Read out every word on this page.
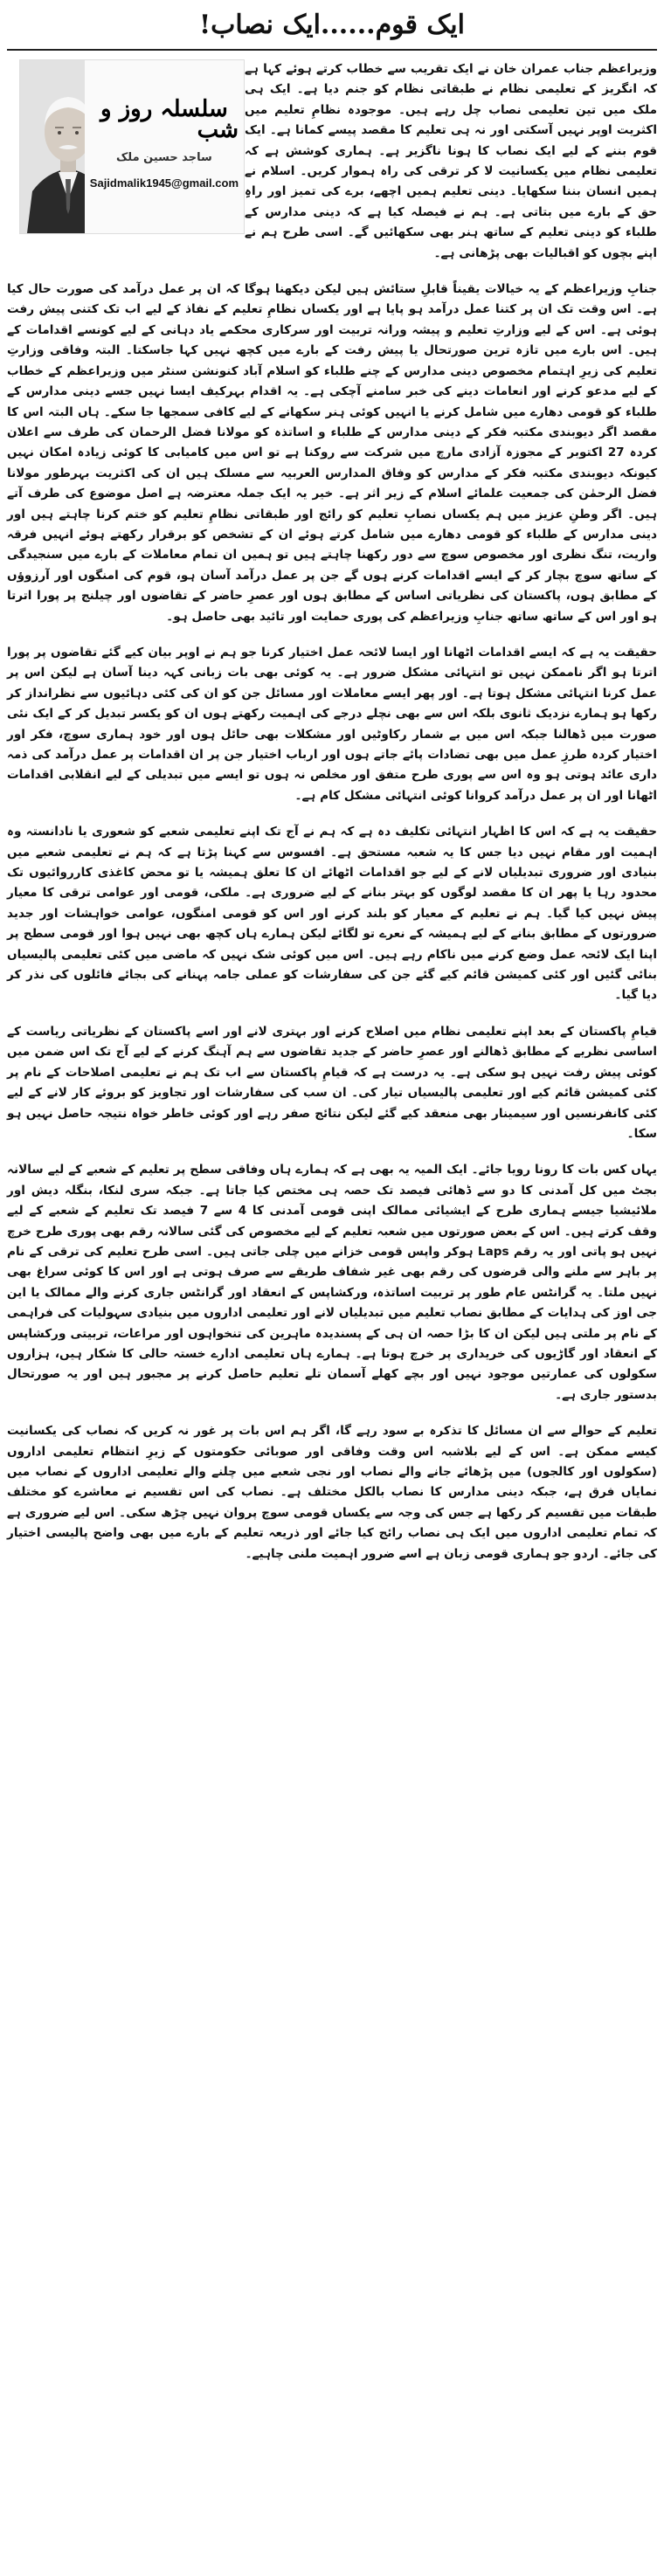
ایک قوم......ایک نصاب!
سلسلہ روز و شب
ساجد حسین ملک
Sajidmalik1945@gmail.com

وزیراعظم جناب عمران خان نے ایک تقریب سے خطاب کرتے ہوئے کہا ہے کہ انگریز کے تعلیمی نظام نے طبقاتی نظام کو جنم دیا ہے۔ ایک ہی ملک میں تین تعلیمی نصاب چل رہے ہیں۔ موجودہ نظامِ تعلیم میں اکثریت اوپر نہیں آسکتی اور نہ ہی تعلیم کا مقصد پیسے کمانا ہے۔ ایک قوم بننے کے لیے ایک نصاب کا ہونا ناگزیر ہے۔ ہماری کوشش ہے کہ تعلیمی نظام میں یکسانیت لا کر ترقی کی راہ ہموار کریں۔ اسلام نے ہمیں انسان بننا سکھایا۔ دینی تعلیم ہمیں اچھے، برے کی تمیز اور راہِ حق کے بارے میں بتاتی ہے۔ ہم نے فیصلہ کیا ہے کہ دینی مدارس کے طلباء کو دینی تعلیم کے ساتھ ہنر بھی سکھائیں گے۔ اسی طرح ہم نے اپنے بچوں کو اقبالیات بھی پڑھانی ہے۔

جنابِ وزیراعظم کے یہ خیالات یقیناً قابلِ ستائش ہیں لیکن دیکھنا ہوگا کہ ان پر عمل درآمد کی صورت حال کیا ہے۔ اس وقت تک ان پر کتنا عمل درآمد ہو پایا ہے اور یکساں نظامِ تعلیم کے نفاذ کے لیے اب تک کتنی پیش رفت ہوئی ہے۔ اس کے لیے وزارتِ تعلیم و پیشہ ورانہ تربیت اور سرکاری محکمے یاد دہانی کے لیے کونسے اقدامات کے ہیں۔ اس بارے میں تازہ ترین صورتحال یا پیش رفت کے بارے میں کچھ نہیں کہا جاسکتا۔ البتہ وفاقی وزارتِ تعلیم کی زیرِ اہتمام مخصوص دینی مدارس کے چنے طلباء کو اسلام آباد کنونشن سنٹر میں وزیراعظم کے خطاب کے لیے مدعو کرنے اور انعامات دینے کی خبر سامنے آچکی ہے۔ یہ اقدام بہرکیف ایسا نہیں جسے دینی مدارس کے طلباء کو قومی دھارے میں شامل کرنے یا انہیں کوئی ہنر سکھانے کے لیے کافی سمجھا جا سکے۔ ہاں البتہ اس کا مقصد اگر دیوبندی مکتبہ فکر کے دینی مدارس کے طلباء و اساتذہ کو مولانا فضل الرحمان کی طرف سے اعلان کردہ 27 اکتوبر کے مجوزہ آزادی مارچ میں شرکت سے روکنا ہے تو اس میں کامیابی کا کوئی زیادہ امکان نہیں کیونکہ دیوبندی مکتبہ فکر کے مدارس کو وفاق المدارس العربیہ سے مسلک ہیں ان کی اکثریت بہرطور مولانا فضل الرحمٰن کی جمعیت علمائے اسلام کے زیر اثر ہے۔ خیر یہ ایک جملہ معترضہ ہے اصل موضوع کی طرف آتے ہیں۔ اگر وطنِ عزیز میں ہم یکساں نصابِ تعلیم کو رائج اور طبقاتی نظامِ تعلیم کو ختم کرنا چاہتے ہیں اور دینی مدارس کے طلباء کو قومی دھارے میں شامل کرتے ہوئے ان کے تشخص کو برقرار رکھتے ہوئے انہیں فرقہ واریت، تنگ نظری اور مخصوص سوچ سے دور رکھنا چاہتے ہیں تو ہمیں ان تمام معاملات کے بارے میں سنجیدگی کے ساتھ سوچ بچار کر کے ایسے اقدامات کرنے ہوں گے جن پر عمل درآمد آسان ہو، قوم کی امنگوں اور آرزوؤں کے مطابق ہوں، پاکستان کی نظریاتی اساس کے مطابق ہوں اور عصرِ حاضر کے تقاضوں اور چیلنج پر پورا اترتا ہو اور اس کے ساتھ ساتھ جنابِ وزیراعظم کی پوری حمایت اور تائید بھی حاصل ہو۔

حقیقت یہ ہے کہ ایسے اقدامات اٹھانا اور ایسا لائحہ عمل اختیار کرنا جو ہم نے اوپر بیان کیے گئے تقاضوں پر پورا اترتا ہو اگر ناممکن نہیں تو انتہائی مشکل ضرور ہے۔ یہ کوئی بھی بات زبانی کہہ دینا آسان ہے لیکن اس پر عمل کرنا انتہائی مشکل ہوتا ہے۔ اور پھر ایسے معاملات اور مسائل جن کو ان کی کئی دہائیوں سے نظرانداز کر رکھا ہو ہمارے نزدیک ثانوی بلکہ اس سے بھی نچلے درجے کی اہمیت رکھتے ہوں ان کو یکسر تبدیل کر کے ایک نئی صورت میں ڈھالنا جبکہ اس میں بے شمار رکاوٹیں اور مشکلات بھی حائل ہوں اور خود ہماری سوچ، فکر اور اختیار کردہ طرزِ عمل میں بھی تضادات پائے جاتے ہوں اور ارباب اختیار جن پر ان اقدامات پر عمل درآمد کی ذمہ داری عائد ہوتی ہو وہ اس سے پوری طرح متفق اور مخلص نہ ہوں تو ایسے میں تبدیلی کے لیے انقلابی اقدامات اٹھانا اور ان پر عمل درآمد کروانا کوئی انتہائی مشکل کام ہے۔

حقیقت یہ ہے کہ اس کا اظہار انتہائی تکلیف دہ ہے کہ ہم نے آج تک اپنے تعلیمی شعبے کو شعوری یا نادانستہ وہ اہمیت اور مقام نہیں دیا جس کا یہ شعبہ مستحق ہے۔ افسوس سے کہنا پڑتا ہے کہ ہم نے تعلیمی شعبے میں بنیادی اور ضروری تبدیلیاں لانے کے لیے جو اقدامات اٹھائے ان کا تعلق ہمیشہ یا تو محض کاغذی کارروائیوں تک محدود رہا یا پھر ان کا مقصد لوگوں کو بہتر بنانے کے لیے ضروری ہے۔ ملکی، قومی اور عوامی ترقی کا معیار پیش نہیں کیا گیا۔ ہم نے تعلیم کے معیار کو بلند کرنے اور اس کو قومی امنگوں، عوامی خواہشات اور جدید ضرورتوں کے مطابق بنانے کے لیے ہمیشہ کے نعرے تو لگائے لیکن ہمارے ہاں کچھ بھی نہیں ہوا اور قومی سطح پر اپنا ایک لائحہ عمل وضع کرنے میں ناکام رہے ہیں۔ اس میں کوئی شک نہیں کہ ماضی میں کئی تعلیمی پالیسیاں بنائی گئیں اور کئی کمیشن قائم کیے گئے جن کی سفارشات کو عملی جامہ پہنانے کی بجائے فائلوں کی نذر کر دیا گیا۔

قیامِ پاکستان کے بعد اپنے تعلیمی نظام میں اصلاح کرنے اور بہتری لانے اور اسے پاکستان کے نظریاتی ریاست کے اساسی نظریے کے مطابق ڈھالنے اور عصرِ حاضر کے جدید تقاضوں سے ہم آہنگ کرنے کے لیے آج تک اس ضمن میں کوئی پیش رفت نہیں ہو سکی ہے۔ یہ درست ہے کہ قیامِ پاکستان سے اب تک ہم نے تعلیمی اصلاحات کے نام پر کئی کمیشن قائم کیے اور تعلیمی پالیسیاں تیار کی۔ ان سب کی سفارشات اور تجاویز کو بروئے کار لانے کے لیے کئی کانفرنسیں اور سیمینار بھی منعقد کیے گئے لیکن نتائج صفر رہے اور کوئی خاطر خواہ نتیجہ حاصل نہیں ہو سکا۔

یہاں کس بات کا رونا رویا جائے۔ ایک المیہ یہ بھی ہے کہ ہمارے ہاں وفاقی سطح پر تعلیم کے شعبے کے لیے سالانہ بجٹ میں کل آمدنی کا دو سے ڈھائی فیصد تک حصہ ہی مختص کیا جاتا ہے۔ جبکہ سری لنکا، بنگلہ دیش اور ملائیشیا جیسے ہماری طرح کے ایشیائی ممالک اپنی قومی آمدنی کا 4 سے 7 فیصد تک تعلیم کے شعبے کے لیے وقف کرتے ہیں۔ اس کے بعض صورتوں میں شعبہ تعلیم کے لیے مخصوص کی گئی سالانہ رقم بھی پوری طرح خرچ نہیں ہو پاتی اور یہ رقم Laps ہوکر واپس قومی خزانے میں چلی جاتی ہیں۔ اسی طرح تعلیم کی ترقی کے نام پر باہر سے ملنے والی قرضوں کی رقم بھی غیر شفاف طریقے سے صرف ہوتی ہے اور اس کا کوئی سراغ بھی نہیں ملتا۔ یہ گرانٹس عام طور پر تربیت اساتذہ، ورکشاپس کے انعقاد اور گرانٹس جاری کرنے والے ممالک یا این جی اوز کی ہدایات کے مطابق نصاب تعلیم میں تبدیلیاں لانے اور تعلیمی اداروں میں بنیادی سہولیات کی فراہمی کے نام پر ملتی ہیں لیکن ان کا بڑا حصہ ان ہی کے پسندیدہ ماہرین کی تنخواہوں اور مراعات، تربیتی ورکشاپس کے انعقاد اور گاڑیوں کی خریداری پر خرچ ہوتا ہے۔ ہمارے ہاں تعلیمی ادارے خستہ حالی کا شکار ہیں، ہزاروں سکولوں کی عمارتیں موجود نہیں اور بچے کھلے آسمان تلے تعلیم حاصل کرنے پر مجبور ہیں اور یہ صورتحال بدستور جاری ہے۔

تعلیم کے حوالے سے ان مسائل کا تذکرہ بے سود رہے گا، اگر ہم اس بات پر غور نہ کریں کہ نصاب کی یکسانیت کیسے ممکن ہے۔ اس کے لیے بلاشبہ اس وقت وفاقی اور صوبائی حکومتوں کے زیرِ انتظام تعلیمی اداروں (سکولوں اور کالجوں) میں پڑھائے جانے والے نصاب اور نجی شعبے میں چلنے والے تعلیمی اداروں کے نصاب میں نمایاں فرق ہے، جبکہ دینی مدارس کا نصاب بالکل مختلف ہے۔ نصاب کی اس تقسیم نے معاشرے کو مختلف طبقات میں تقسیم کر رکھا ہے جس کی وجہ سے یکساں قومی سوچ پروان نہیں چڑھ سکی۔ اس لیے ضروری ہے کہ تمام تعلیمی اداروں میں ایک ہی نصاب رائج کیا جائے اور ذریعہ تعلیم کے بارے میں بھی واضح پالیسی اختیار کی جائے۔ اردو جو ہماری قومی زبان ہے اسے ضرور اہمیت ملنی چاہیے۔
